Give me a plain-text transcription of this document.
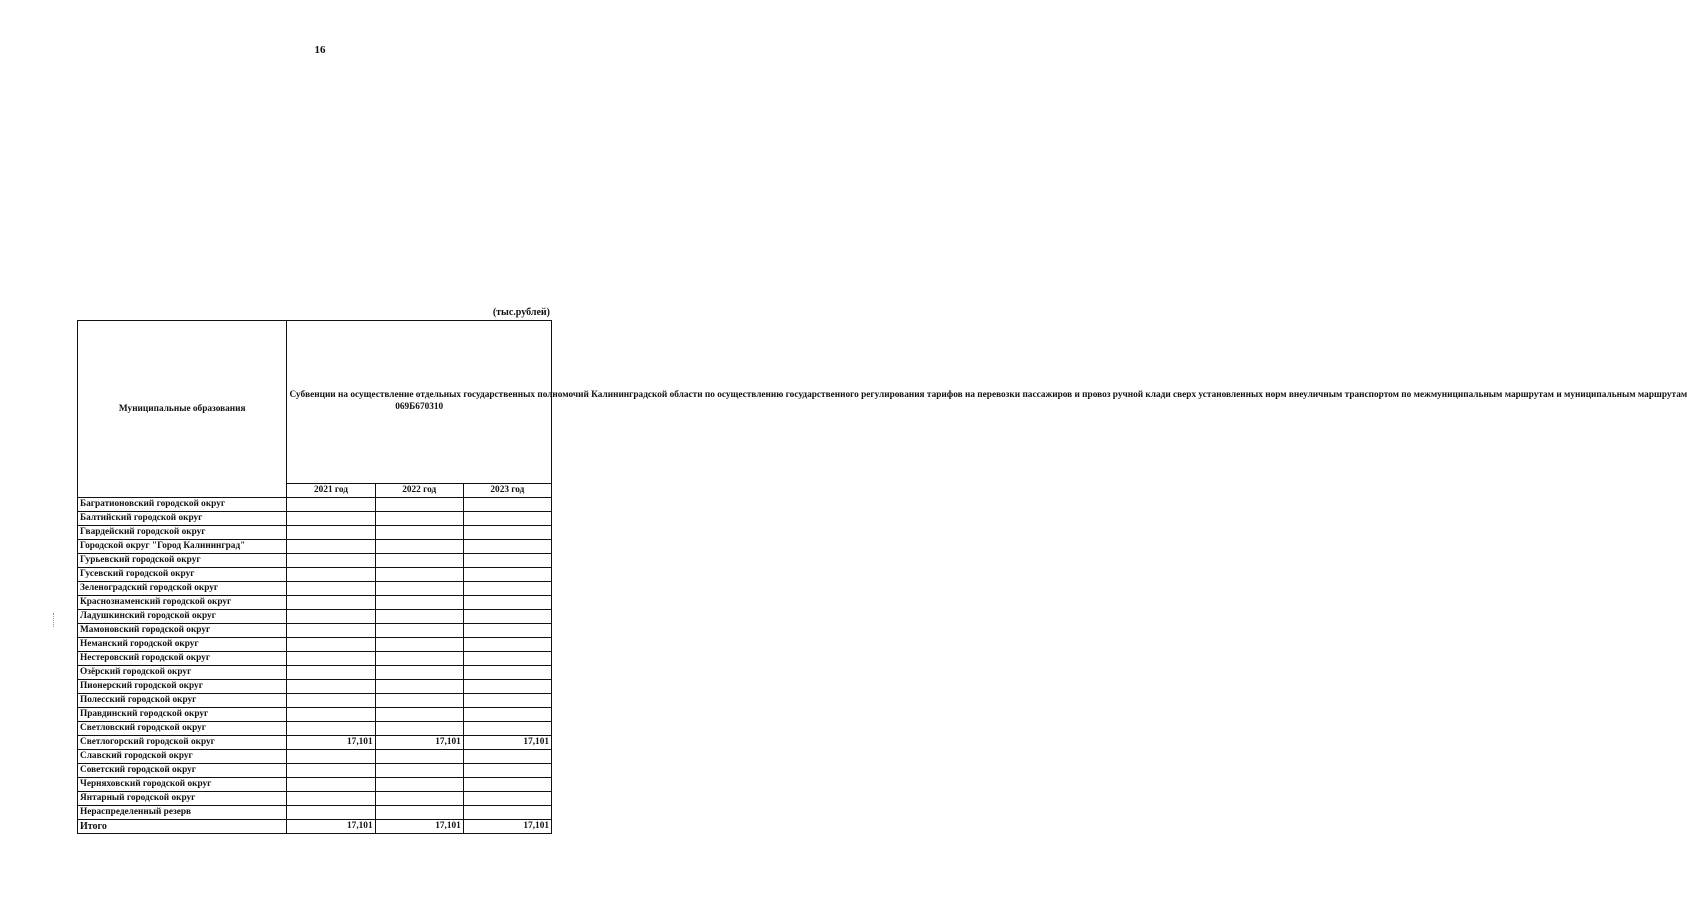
16
(тыс.рублей)
Муниципальные образования	Субвенции на осуществление отдельных государственных полномочий Калининградской области по осуществлению государственного регулирования тарифов на перевозки пассажиров и провоз ручной клади сверх установленных норм внеуличным транспортом по межмуниципальным маршрутам и муниципальным маршрутам
069Б670310		

	2021 год	2022 год	2023 год
Багратионовский городской округ			
Балтийский городской округ			
Гвардейский городской округ			
Городской округ "Город Калининград"			
Гурьевский городской округ			
Гусевский городской округ			
Зеленоградский городской округ			
Краснознаменский городской округ			
Ладушкинский городской округ			
Мамоновский городской округ			
Неманский городской округ			
Нестеровский городской округ			
Озёрский городской округ			
Пионерский городской округ			
Полесский городской округ			
Правдинский городской округ			
Светловский городской округ			
Светлогорский городской округ	17,101	17,101	17,101
Славский городской округ			
Советский городской округ			
Черняховский городской округ			
Янтарный городской округ			
Нераспределенный резерв			
Итого	17,101	17,101	17,101
